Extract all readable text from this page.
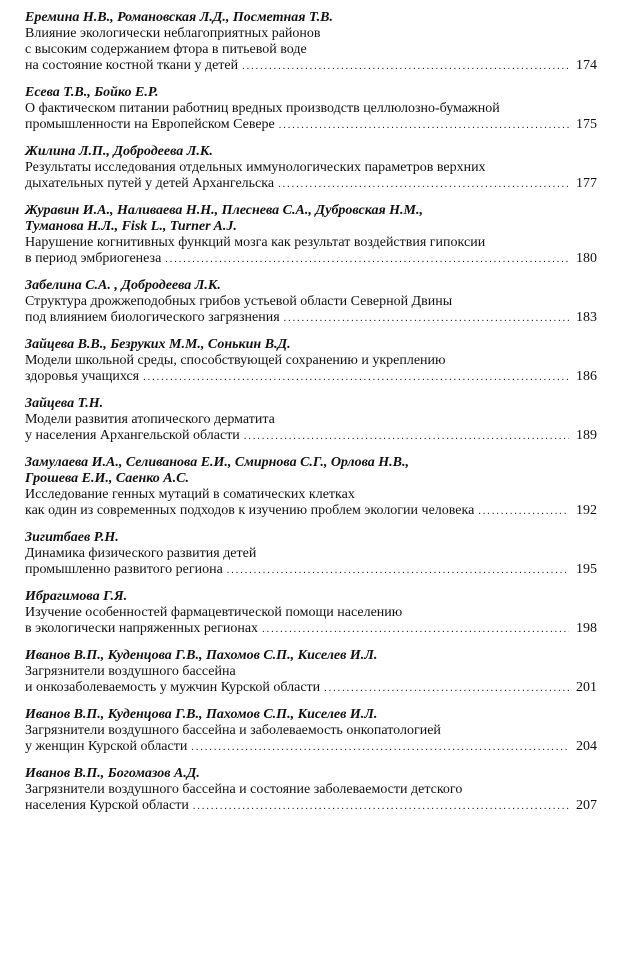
Еремина Н.В., Романовская Л.Д., Посметная Т.В.
Влияние экологически неблагоприятных районов
с высоким содержанием фтора в питьевой воде
на состояние костной ткани у детей .....	174
Есева Т.В., Бойко Е.Р.
О фактическом питании работниц вредных производств целлюлозно-бумажной
промышленности на Европейском Севере .....	175
Жилина Л.П., Добродеева Л.К.
Результаты исследования отдельных иммунологических параметров верхних
дыхательных путей у детей Архангельска .....	177
Журавин И.А., Наливаева Н.Н., Плеснева С.А., Дубровская Н.М.,
Туманова Н.Л., Fisk L., Turner A.J.
Нарушение когнитивных функций мозга как результат воздействия гипоксии
в период эмбриогенеза .....	180
Забелина С.А. , Добродеева Л.К.
Структура дрожжеподобных грибов устьевой области Северной Двины
под влиянием биологического загрязнения .....	183
Зайцева В.В., Безруких М.М., Сонькин В.Д.
Модели школьной среды, способствующей сохранению и укреплению
здоровья учащихся .....	186
Зайцева Т.Н.
Модели развития атопического дерматита
у населения Архангельской области .....	189
Замулаева И.А., Селиванова Е.И., Смирнова С.Г., Орлова Н.В.,
Грошева Е.И., Саенко А.С.
Исследование генных мутаций в соматических клетках
как один из современных подходов к изучению проблем экологии человека .....	192
Зигитбаев Р.Н.
Динамика физического развития детей
промышленно развитого региона .....	195
Ибрагимова Г.Я.
Изучение особенностей фармацевтической помощи населению
в экологически напряженных регионах .....	198
Иванов В.П., Куденцова Г.В., Пахомов С.П., Киселев И.Л.
Загрязнители воздушного бассейна
и онкозаболеваемость у мужчин Курской области .....	201
Иванов В.П., Куденцова Г.В., Пахомов С.П., Киселев И.Л.
Загрязнители воздушного бассейна и заболеваемость онкопатологией
у женщин Курской области .....	204
Иванов В.П., Богомазов А.Д.
Загрязнители воздушного бассейна и состояние заболеваемости детского
населения Курской области .....	207
